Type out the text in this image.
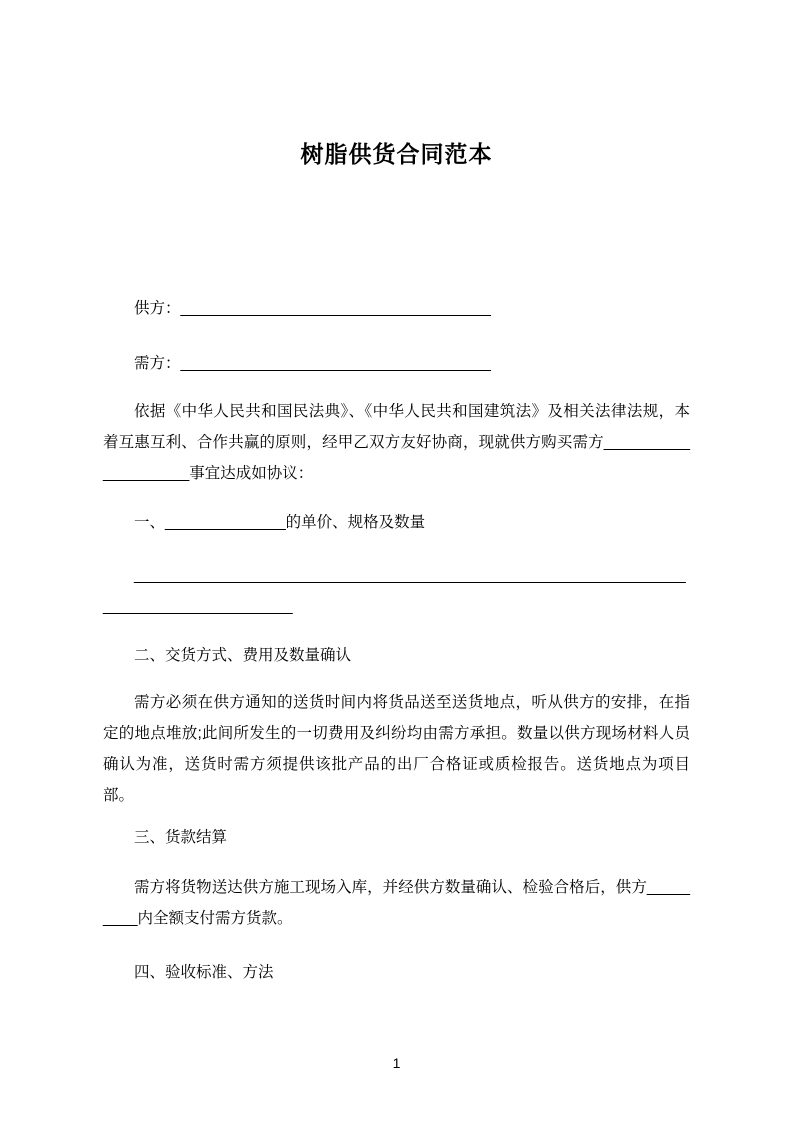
树脂供货合同范本

供方：____________________________________

需方：____________________________________

依据《中华人民共和国民法典》、《中华人民共和国建筑法》及相关法律法规，本着互惠互利、合作共赢的原则，经甲乙双方友好协商，现就供方购买需方____________________事宜达成如协议：

一、______________的单价、规格及数量

______________________________________________________________________________________

二、交货方式、费用及数量确认

需方必须在供方通知的送货时间内将货品送至送货地点，听从供方的安排，在指定的地点堆放;此间所发生的一切费用及纠纷均由需方承担。数量以供方现场材料人员确认为准，送货时需方须提供该批产品的出厂合格证或质检报告。送货地点为项目部。

三、货款结算

需方将货物送达供方施工现场入库，并经供方数量确认、检验合格后，供方_________内全额支付需方货款。

四、验收标准、方法

1
